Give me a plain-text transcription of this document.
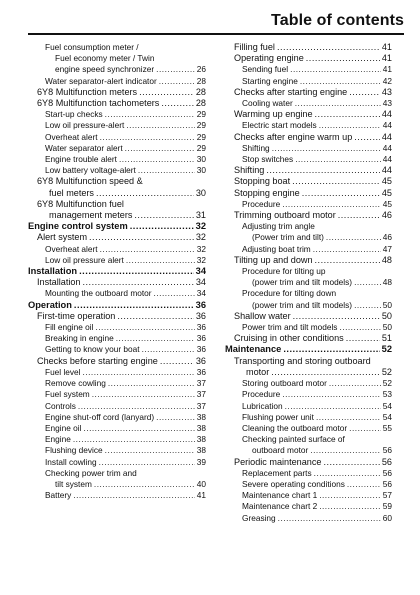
Table of contents
Fuel consumption meter /
Fuel economy meter / Twin
engine speed synchronizer .....	26
Water separator-alert indicator .....	28
6Y8 Multifunction meters .....	28
6Y8 Multifunction tachometers .....	28
Start-up checks .....	29
Low oil pressure-alert .....	29
Overheat alert .....	29
Water separator alert .....	29
Engine trouble alert .....	30
Low battery voltage-alert .....	30
6Y8 Multifunction speed &
fuel meters .....	30
6Y8 Multifunction fuel
management meters .....	31
Engine control system .....	32
Alert system .....	32
Overheat alert .....	32
Low oil pressure alert .....	32
Installation .....	34
Installation .....	34
Mounting the outboard motor .....	34
Operation .....	36
First-time operation .....	36
Fill engine oil .....	36
Breaking in engine .....	36
Getting to know your boat .....	36
Checks before starting engine .....	36
Fuel level .....	36
Remove cowling .....	37
Fuel system .....	37
Controls .....	37
Engine shut-off cord (lanyard) .....	38
Engine oil .....	38
Engine .....	38
Flushing device .....	38
Install cowling .....	39
Checking power trim and
tilt system .....	40
Battery .....	41
Filling fuel .....	41
Operating engine .....	41
Sending fuel .....	41
Starting engine .....	42
Checks after starting engine .....	43
Cooling water .....	43
Warming up engine .....	44
Electric start models .....	44
Checks after engine warm up .....	44
Shifting .....	44
Stop switches .....	44
Shifting .....	44
Stopping boat .....	45
Stopping engine .....	45
Procedure .....	45
Trimming outboard motor .....	46
Adjusting trim angle
(Power trim and tilt) .....	46
Adjusting boat trim .....	47
Tilting up and down .....	48
Procedure for tilting up
(power trim and tilt models) .....	48
Procedure for tilting down
(power trim and tilt models) .....	50
Shallow water .....	50
Power trim and tilt models .....	50
Cruising in other conditions .....	51
Maintenance .....	52
Transporting and storing outboard
motor .....	52
Storing outboard motor .....	52
Procedure .....	53
Lubrication .....	54
Flushing power unit .....	54
Cleaning the outboard motor .....	55
Checking painted surface of
outboard motor .....	56
Periodic maintenance .....	56
Replacement parts .....	56
Severe operating conditions .....	56
Maintenance chart 1 .....	57
Maintenance chart 2 .....	59
Greasing .....	60
